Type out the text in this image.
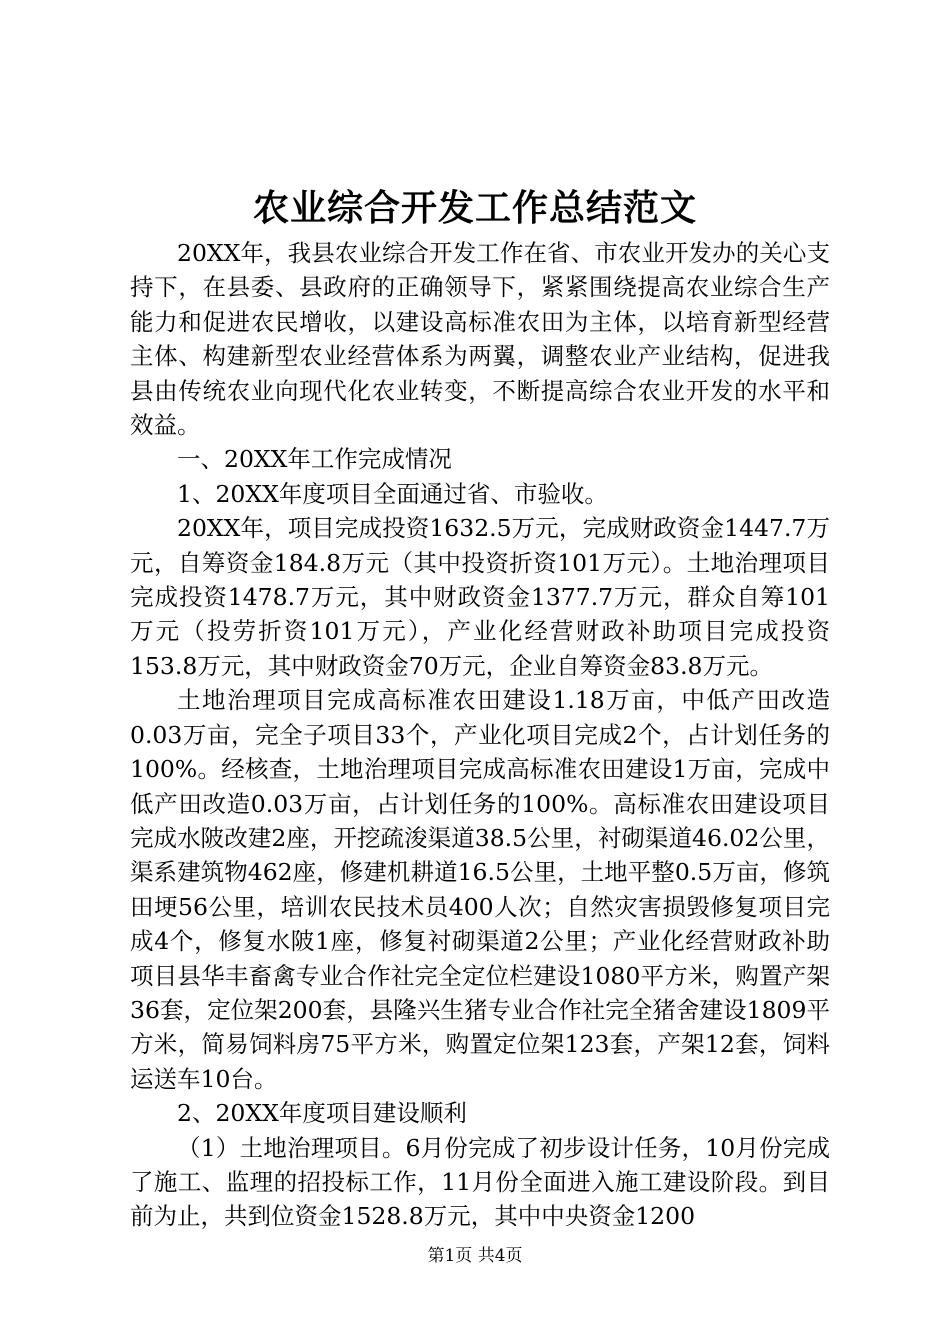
农业综合开发工作总结范文

20XX年，我县农业综合开发工作在省、市农业开发办的关心支持下，在县委、县政府的正确领导下，紧紧围绕提高农业综合生产能力和促进农民增收，以建设高标准农田为主体，以培育新型经营主体、构建新型农业经营体系为两翼，调整农业产业结构，促进我县由传统农业向现代化农业转变，不断提高综合农业开发的水平和效益。

一、20XX年工作完成情况

1、20XX年度项目全面通过省、市验收。

20XX年，项目完成投资1632.5万元，完成财政资金1447.7万元，自筹资金184.8万元（其中投资折资101万元）。土地治理项目完成投资1478.7万元，其中财政资金1377.7万元，群众自筹101万元（投劳折资101万元），产业化经营财政补助项目完成投资153.8万元，其中财政资金70万元，企业自筹资金83.8万元。

土地治理项目完成高标准农田建设1.18万亩，中低产田改造0.03万亩，完全子项目33个，产业化项目完成2个，占计划任务的100%。经核查，土地治理项目完成高标准农田建设1万亩，完成中低产田改造0.03万亩，占计划任务的100%。高标准农田建设项目完成水陂改建2座，开挖疏浚渠道38.5公里，衬砌渠道46.02公里，渠系建筑物462座，修建机耕道16.5公里，土地平整0.5万亩，修筑田埂56公里，培训农民技术员400人次；自然灾害损毁修复项目完成4个，修复水陂1座，修复衬砌渠道2公里；产业化经营财政补助项目县华丰畜禽专业合作社完全定位栏建设1080平方米，购置产架36套，定位架200套，县隆兴生猪专业合作社完全猪舍建设1809平方米，简易饲料房75平方米，购置定位架123套，产架12套，饲料运送车10台。

2、20XX年度项目建设顺利

（1）土地治理项目。6月份完成了初步设计任务，10月份完成了施工、监理的招投标工作，11月份全面进入施工建设阶段。到目前为止，共到位资金1528.8万元，其中中央资金1200

第1页 共4页
